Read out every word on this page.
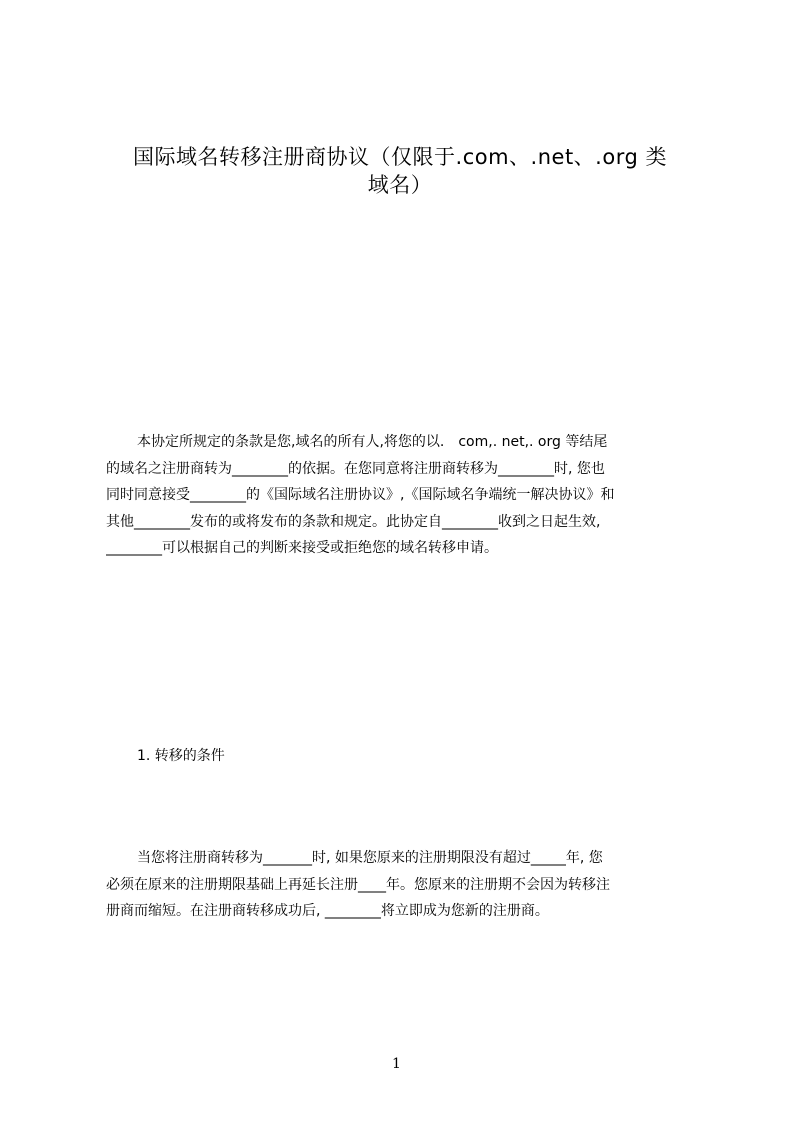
国际域名转移注册商协议（仅限于.com、.net、.org 类
域名）
本协定所规定的条款是您,域名的所有人,将您的以.　com,. net,. org 等结尾
的域名之注册商转为________的依据。在您同意将注册商转移为________时, 您也
同时同意接受________的《国际域名注册协议》,《国际域名争端统一解决协议》和
其他________发布的或将发布的条款和规定。此协定自________收到之日起生效,
________可以根据自己的判断来接受或拒绝您的域名转移申请。
1. 转移的条件
当您将注册商转移为_______时, 如果您原来的注册期限没有超过_____年, 您
必须在原来的注册期限基础上再延长注册____年。您原来的注册期不会因为转移注
册商而缩短。在注册商转移成功后, ________将立即成为您新的注册商。
1
